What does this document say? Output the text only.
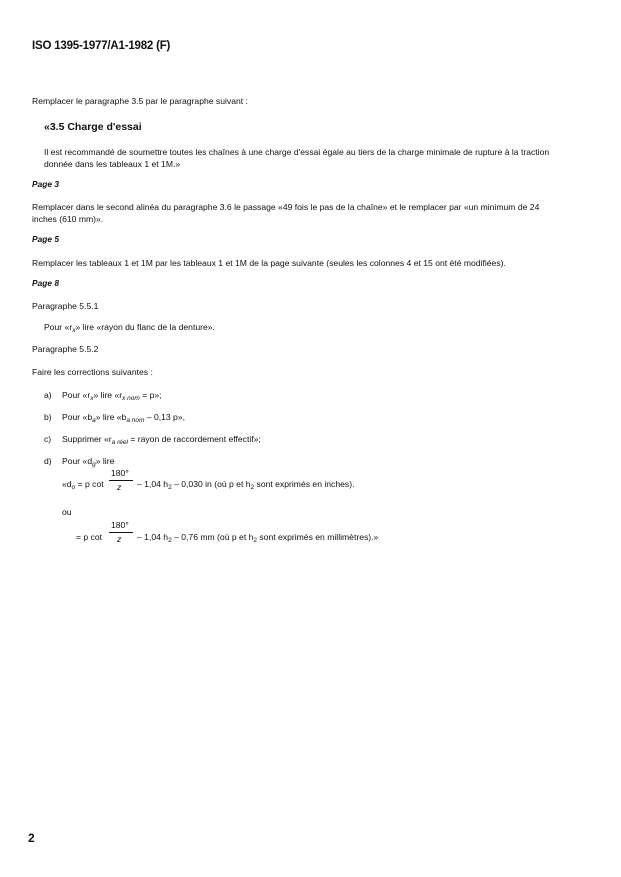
ISO 1395-1977/A1-1982 (F)
Remplacer le paragraphe 3.5 par le paragraphe suivant :
«3.5 Charge d'essai
Il est recommandé de soumettre toutes les chaînes à une charge d'essai égale au tiers de la charge minimale de rupture à la traction
donnée dans les tableaux 1 et 1M.»
Page 3
Remplacer dans le second alinéa du paragraphe 3.6 le passage «49 fois le pas de la chaîne» et le remplacer par «un minimum de 24
inches (610 mm)».
Page 5
Remplacer les tableaux 1 et 1M par les tableaux 1 et 1M de la page suivante (seules les colonnes 4 et 15 ont été modifiées).
Page 8
Paragraphe 5.5.1
Pour «$r_x$» lire «rayon du flanc de la denture».
Paragraphe 5.5.2
Faire les corrections suivantes :
a) Pour «$r_x$» lire «$r_{x nom} = p$»;
b) Pour «$b_a$» lire «$b_{a nom} - 0,13$ p»,
c) Supprimer «$r_{a réel}$ = rayon de raccordement effectif»;
d) Pour «$d_g$» lire
«$d_o = p$ cot
180°
z – 1,04 $h_2 - 0,030$ in (où p et $h_2$ sont exprimés en inches).
ou
= p cot
180°
z – 1,04 $h_2 - 0,76$ mm (où p et $h_2$ sont exprimés en millimètres).»
2
